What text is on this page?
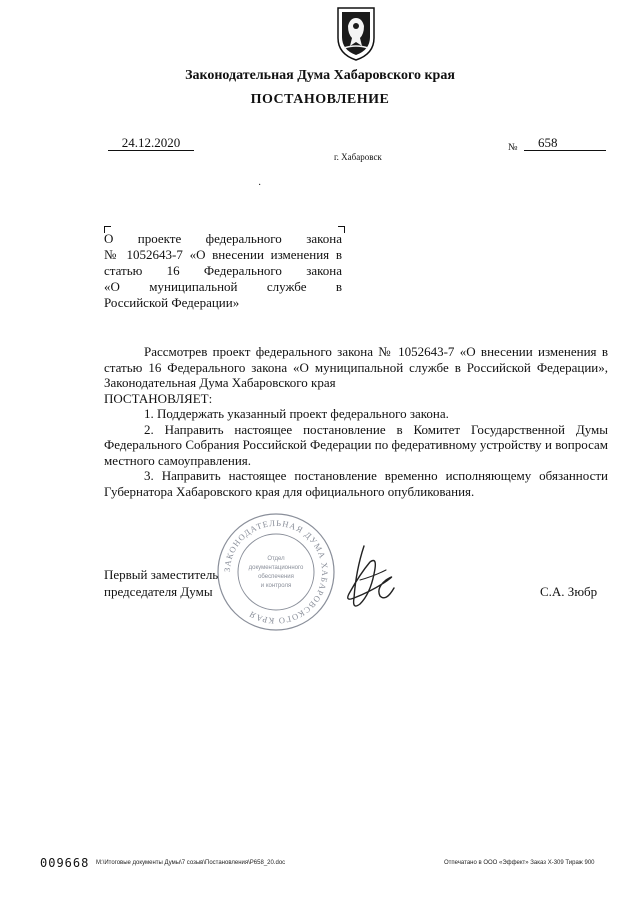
Законодательная Дума Хабаровского края
ПОСТАНОВЛЕНИЕ
24.12.2020
г. Хабаровск
№	658
·
О проекте федерального закона
№ 1052643-7 «О внесении изменения в
статью 16 Федерального закона
«О муниципальной службе в
Российской Федерации»

Рассмотрев проект федерального закона № 1052643-7 «О внесении изменения в статью 16 Федерального закона «О муниципальной службе в Российской Федерации», Законодательная Дума Хабаровского края

ПОСТАНОВЛЯЕТ:

1. Поддержать указанный проект федерального закона.

2. Направить настоящее постановление в Комитет Государственной Думы Федерального Собрания Российской Федерации по федеративному устройству и вопросам местного самоуправления.

3. Направить настоящее постановление временно исполняющему обязанности Губернатора Хабаровского края для официального опубликования.

ЗАКОНОДАТЕЛЬНАЯ ДУМА ХАБАРОВСКОГО КРАЯ
Отдел
документационного
обеспечения
и контроля
Первый заместитель
председателя Думы	С.А. Зюбр
009668 М:\Итоговые документы Думы\7 созыв\Постановления\Р658_20.doc	Отпечатано в ООО «Эффект» Заказ Х-309 Тираж 900
